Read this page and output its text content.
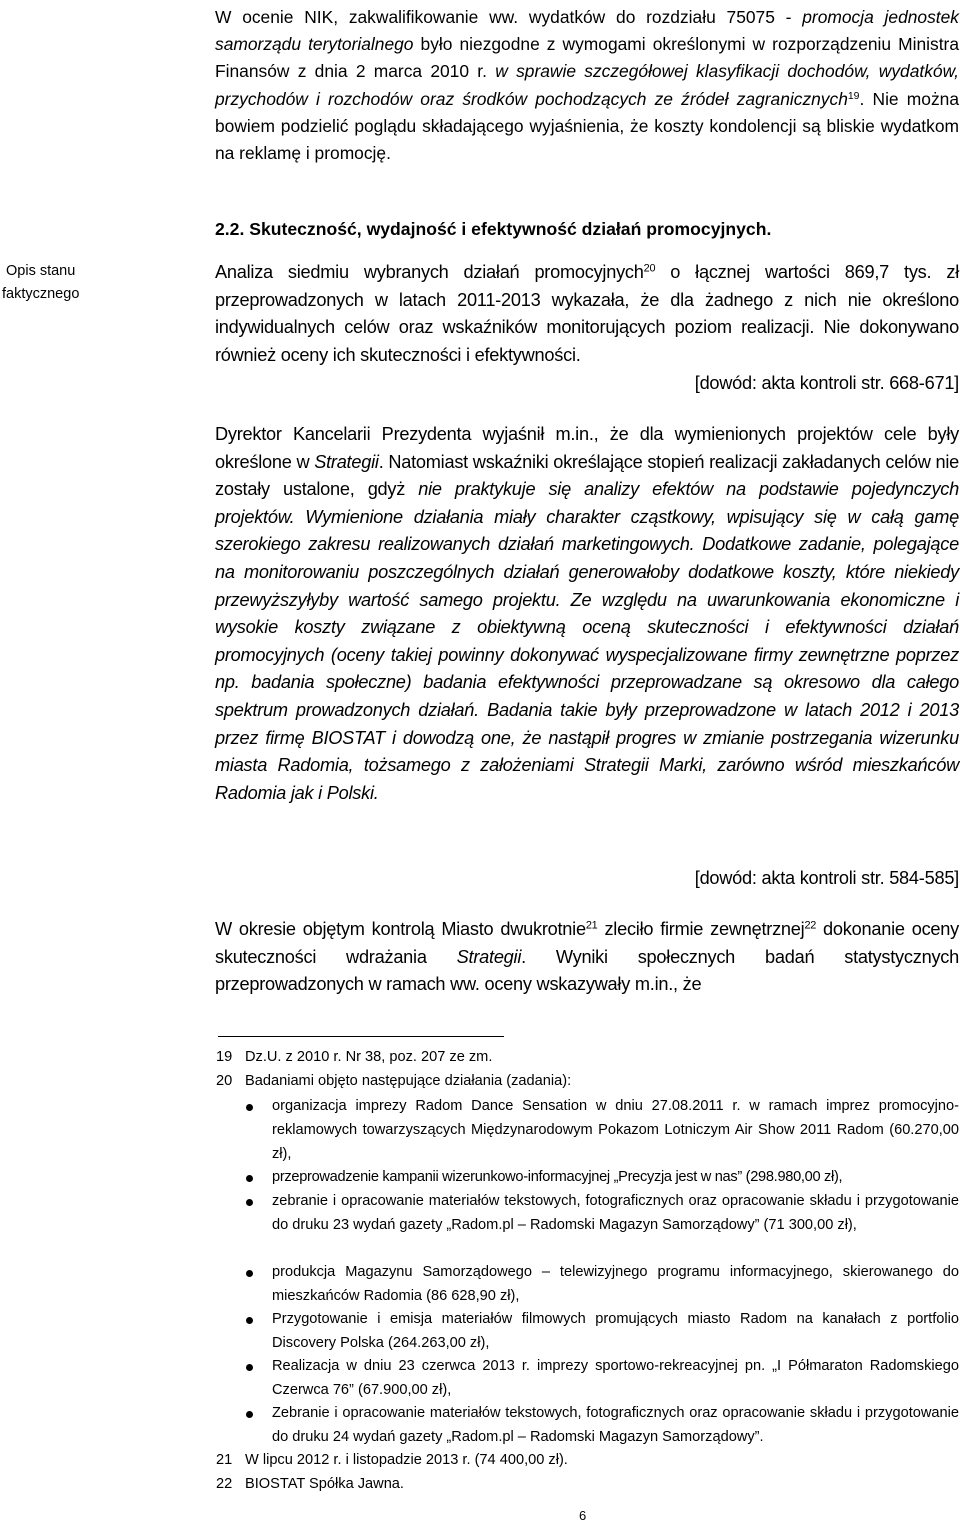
W ocenie NIK, zakwalifikowanie ww. wydatków do rozdziału 75075 - promocja jednostek samorządu terytorialnego było niezgodne z wymogami określonymi w rozporządzeniu Ministra Finansów z dnia 2 marca 2010 r. w sprawie szczegółowej klasyfikacji dochodów, wydatków, przychodów i rozchodów oraz środków pochodzących ze źródeł zagranicznych$^{19}$. Nie można bowiem podzielić poglądu składającego wyjaśnienia, że koszty kondolencji są bliskie wydatkom na reklamę i promocję.
Opis stanu
faktycznego
2.2. Skuteczność, wydajność i efektywność działań promocyjnych.
Analiza siedmiu wybranych działań promocyjnych$^{20}$ o łącznej wartości 869,7 tys. zł przeprowadzonych w latach 2011-2013 wykazała, że dla żadnego z nich nie określono indywidualnych celów oraz wskaźników monitorujących poziom realizacji. Nie dokonywano również oceny ich skuteczności i efektywności.
[dowód: akta kontroli str. 668-671]
Dyrektor Kancelarii Prezydenta wyjaśnił m.in., że dla wymienionych projektów cele były określone w Strategii. Natomiast wskaźniki określające stopień realizacji zakładanych celów nie zostały ustalone, gdyż nie praktykuje się analizy efektów na podstawie pojedynczych projektów. Wymienione działania miały charakter cząstkowy, wpisujący się w całą gamę szerokiego zakresu realizowanych działań marketingowych. Dodatkowe zadanie, polegające na monitorowaniu poszczególnych działań generowałoby dodatkowe koszty, które niekiedy przewyższyłyby wartość samego projektu. Ze względu na uwarunkowania ekonomiczne i wysokie koszty związane z obiektywną oceną skuteczności i efektywności działań promocyjnych (oceny takiej powinny dokonywać wyspecjalizowane firmy zewnętrzne poprzez np. badania społeczne) badania efektywności przeprowadzane są okresowo dla całego spektrum prowadzonych działań. Badania takie były przeprowadzone w latach 2012 i 2013 przez firmę BIOSTAT i dowodzą one, że nastąpił progres w zmianie postrzegania wizerunku miasta Radomia, tożsamego z założeniami Strategii Marki, zarówno wśród mieszkańców Radomia jak i Polski.
[dowód: akta kontroli str. 584-585]
W okresie objętym kontrolą Miasto dwukrotnie$^{21}$ zleciło firmie zewnętrznej$^{22}$ dokonanie oceny skuteczności wdrażania Strategii. Wyniki społecznych badań statystycznych przeprowadzonych w ramach ww. oceny wskazywały m.in., że
19 Dz.U. z 2010 r. Nr 38, poz. 207 ze zm.
20 Badaniami objęto następujące działania (zadania):
organizacja imprezy Radom Dance Sensation w dniu 27.08.2011 r. w ramach imprez promocyjno-reklamowych towarzyszących Międzynarodowym Pokazom Lotniczym Air Show 2011 Radom (60.270,00 zł),
przeprowadzenie kampanii wizerunkowo-informacyjnej „Precyzja jest w nas” (298.980,00 zł),
zebranie i opracowanie materiałów tekstowych, fotograficznych oraz opracowanie składu i przygotowanie do druku 23 wydań gazety „Radom.pl – Radomski Magazyn Samorządowy” (71 300,00 zł),
produkcja Magazynu Samorządowego – telewizyjnego programu informacyjnego, skierowanego do mieszkańców Radomia (86 628,90 zł),
Przygotowanie i emisja materiałów filmowych promujących miasto Radom na kanałach z portfolio Discovery Polska (264.263,00 zł),
Realizacja w dniu 23 czerwca 2013 r. imprezy sportowo-rekreacyjnej pn. „I Półmaraton Radomskiego Czerwca 76” (67.900,00 zł),
Zebranie i opracowanie materiałów tekstowych, fotograficznych oraz opracowanie składu i przygotowanie do druku 24 wydań gazety „Radom.pl – Radomski Magazyn Samorządowy”.
21 W lipcu 2012 r. i listopadzie 2013 r. (74 400,00 zł).
22 BIOSTAT Spółka Jawna.
6
